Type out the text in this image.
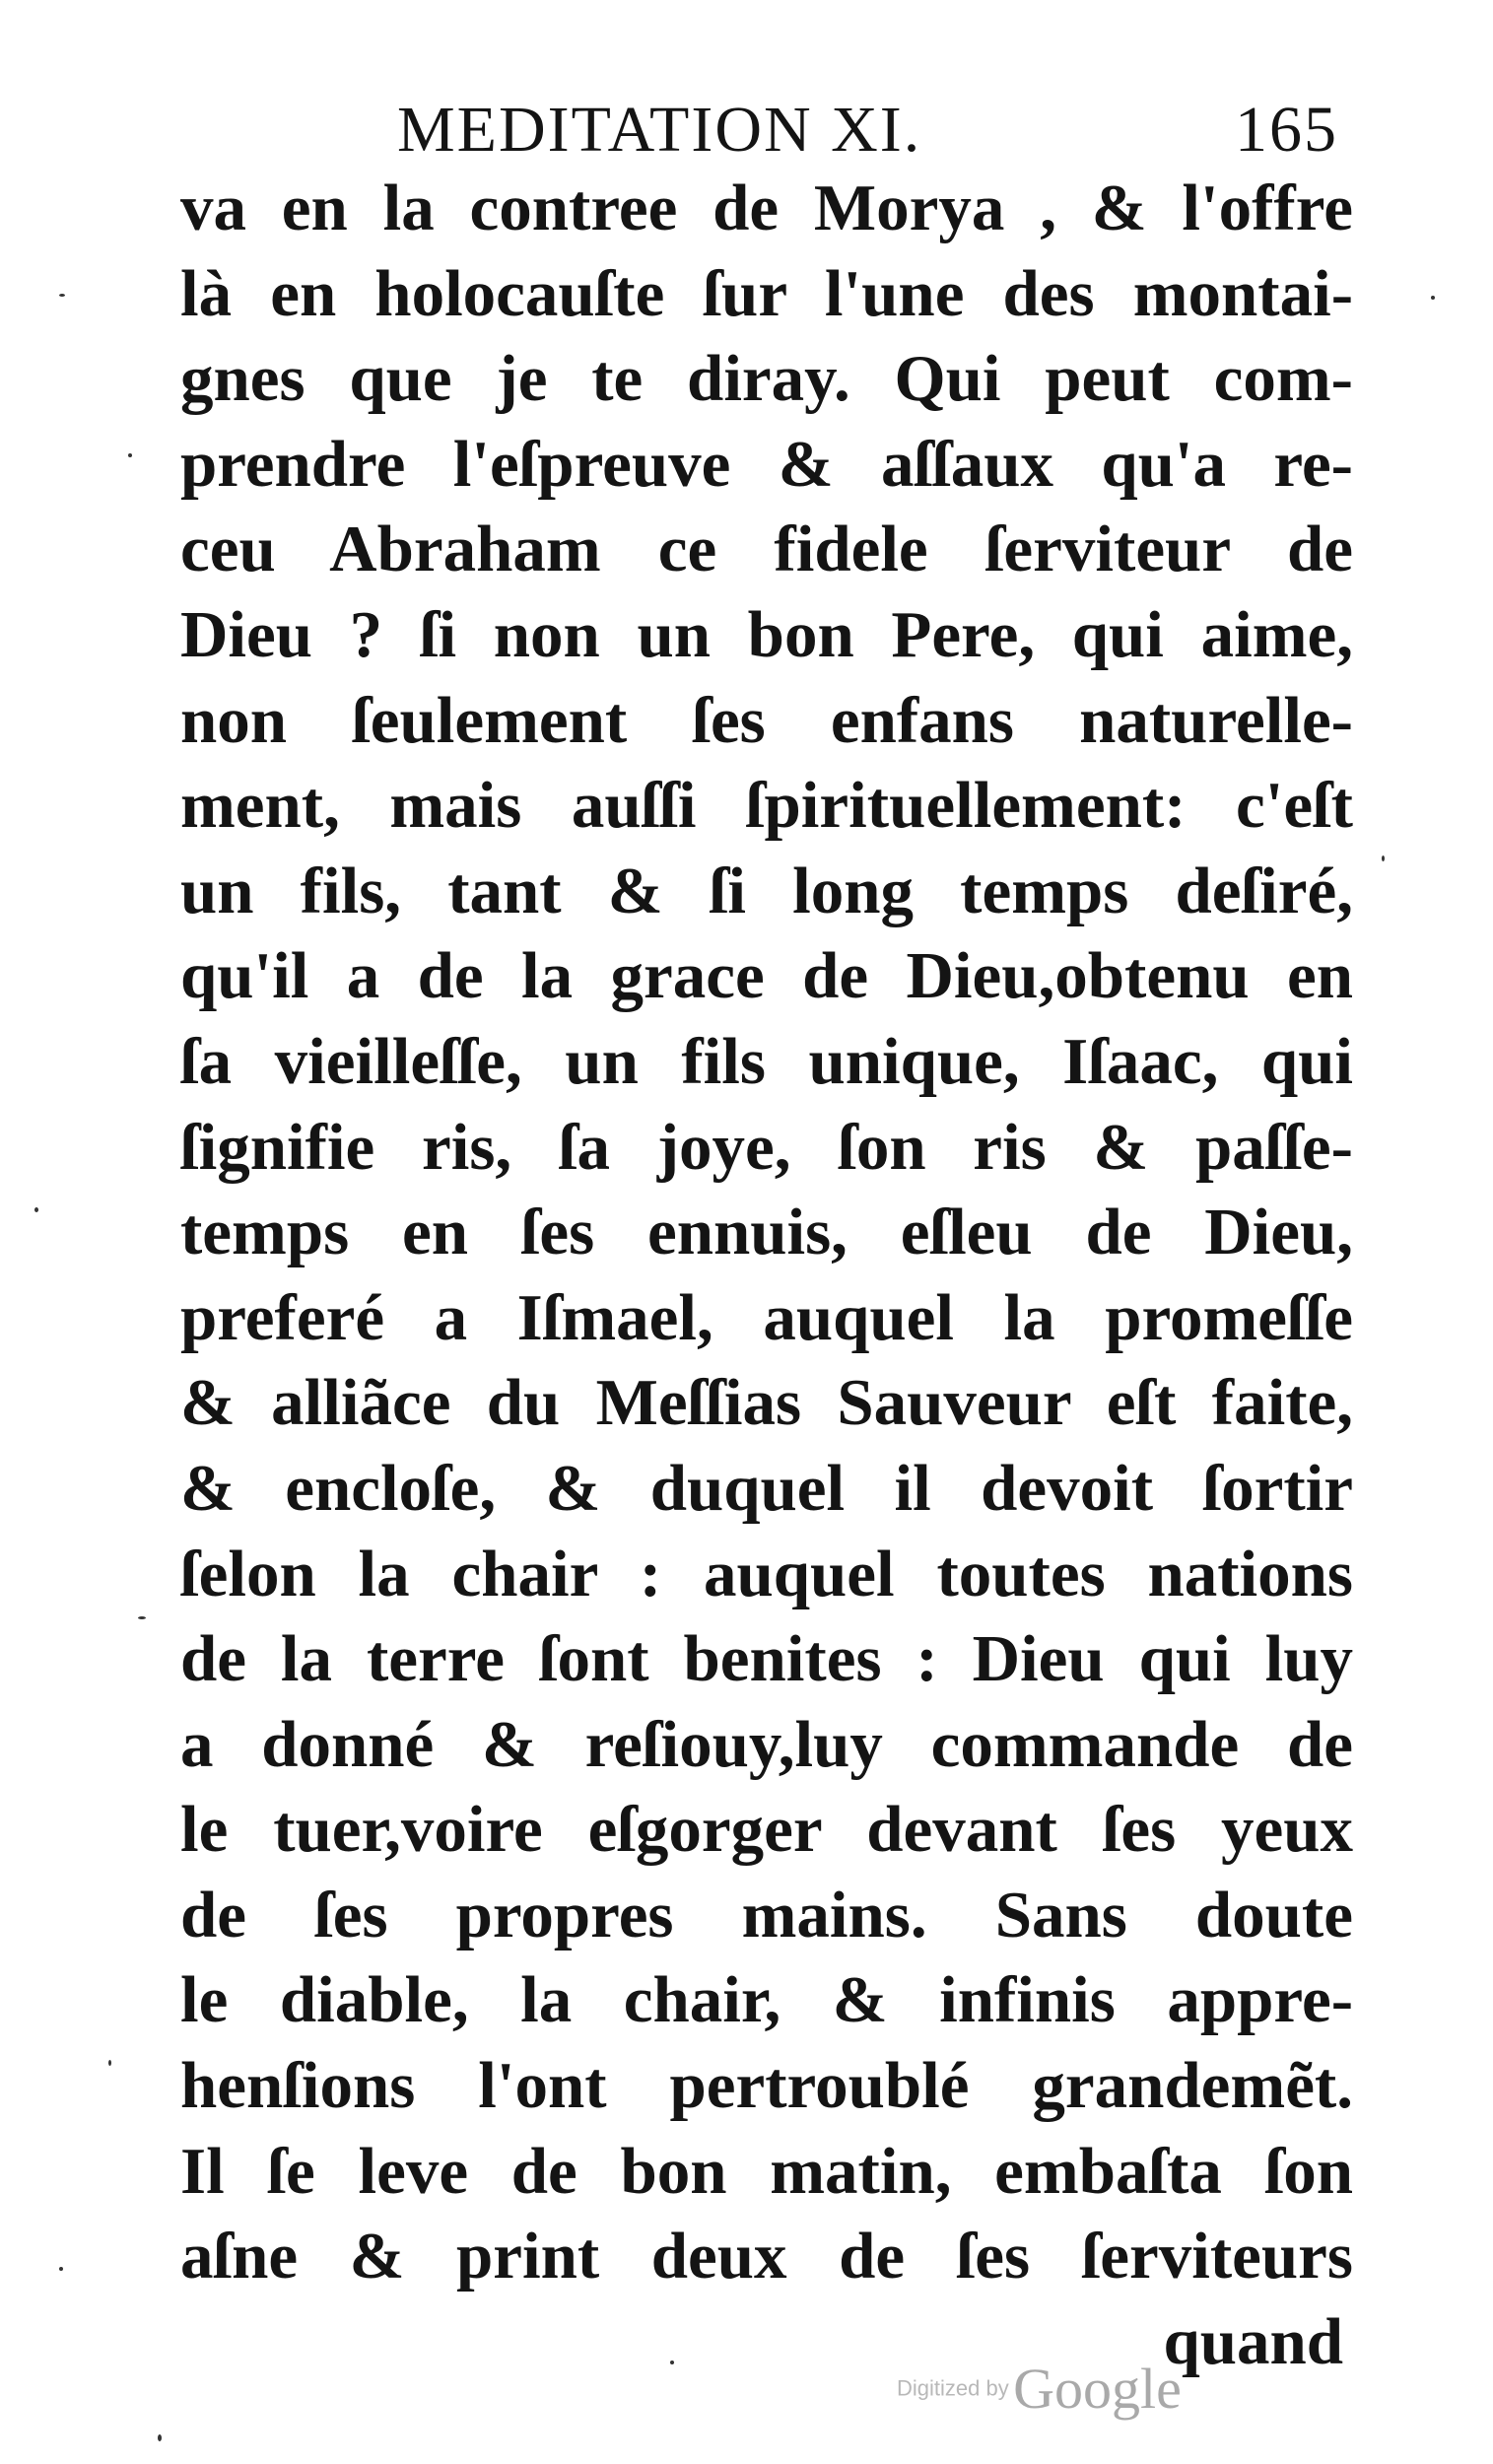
MEDITATION XI.	165
va en la contree de Morya , & l'offre
là en holocauſte ſur l'une des montai-
gnes que je te diray. Qui peut com-
prendre l'eſpreuve & aſſaux qu'a re-
ceu Abraham ce fidele ſerviteur de
Dieu ? ſi non un bon Pere, qui aime,
non ſeulement ſes enfans naturelle-
ment, mais auſſi ſpirituellement: c'eſt
un fils, tant & ſi long temps deſiré,
qu'il a de la grace de Dieu,obtenu en
ſa vieilleſſe, un fils unique, Iſaac, qui
ſignifie ris, ſa joye, ſon ris & paſſe-
temps en ſes ennuis, eſleu de Dieu,
preferé a Iſmael, auquel la promeſſe
& alliãce du Meſſias Sauveur eſt faite,
& encloſe, & duquel il devoit ſortir
ſelon la chair : auquel toutes nations
de la terre ſont benites : Dieu qui luy
a donné & reſiouy,luy commande de
le tuer,voire eſgorger devant ſes yeux
de ſes propres mains. Sans doute
le diable, la chair, & infinis appre-
henſions l'ont pertroublé grandemẽt.
Il ſe leve de bon matin, embaſta ſon
aſne & print deux de ſes ſerviteurs
quand
Digitized by Google
